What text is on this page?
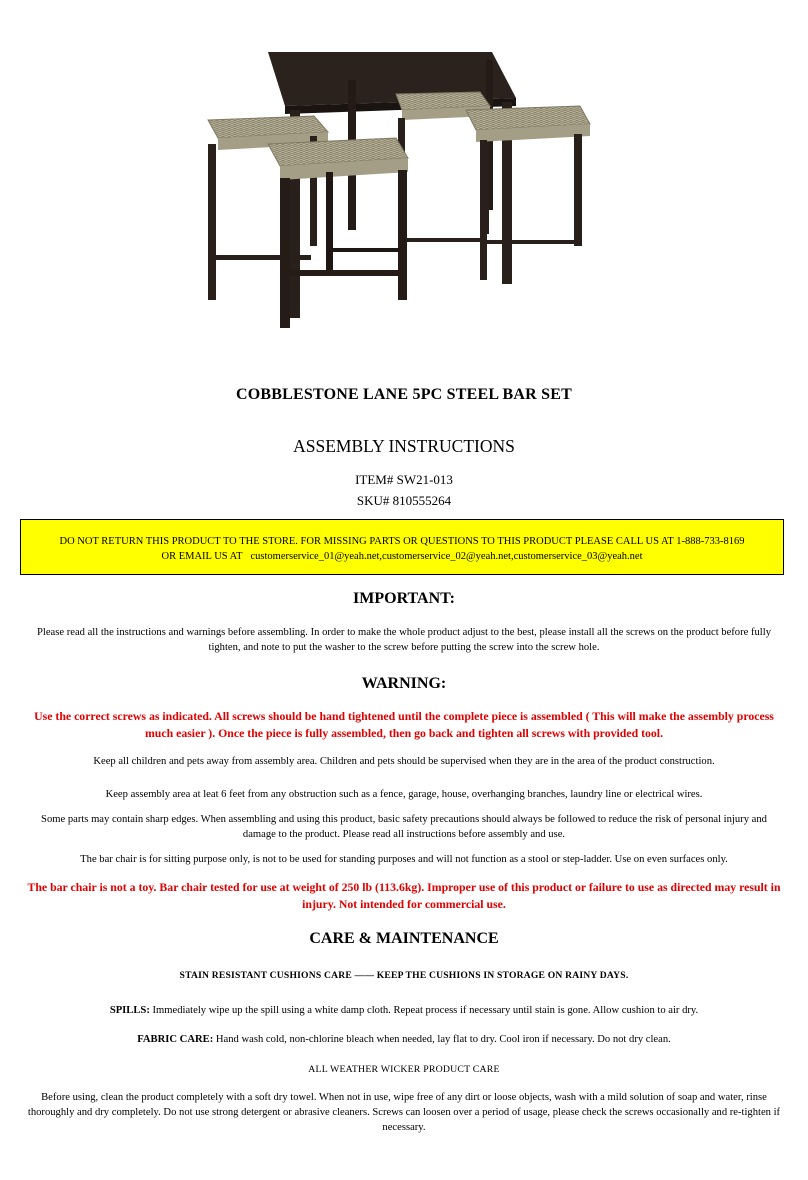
COBBLESTONE LANE 5PC STEEL BAR SET
ASSEMBLY INSTRUCTIONS
ITEM# SW21-013
SKU# 810555264
DO NOT RETURN THIS PRODUCT TO THE STORE. FOR MISSING PARTS OR QUESTIONS TO THIS PRODUCT PLEASE CALL US AT 1-888-733-8169
OR EMAIL US AT customerservice_01@yeah.net,customerservice_02@yeah.net,customerservice_03@yeah.net
IMPORTANT:
Please read all the instructions and warnings before assembling. In order to make the whole product adjust to the best, please install all the screws on the product before fully tighten, and note to put the washer to the screw before putting the screw into the screw hole.
WARNING:
Use the correct screws as indicated. All screws should be hand tightened until the complete piece is assembled ( This will make the assembly process much easier ). Once the piece is fully assembled, then go back and tighten all screws with provided tool.
Keep all children and pets away from assembly area. Children and pets should be supervised when they are in the area of the product construction.
Keep assembly area at leat 6 feet from any obstruction such as a fence, garage, house, overhanging branches, laundry line or electrical wires.
Some parts may contain sharp edges. When assembling and using this product, basic safety precautions should always be followed to reduce the risk of personal injury and damage to the product. Please read all instructions before assembly and use.
The bar chair is for sitting purpose only, is not to be used for standing purposes and will not function as a stool or step-ladder. Use on even surfaces only.
The bar chair is not a toy. Bar chair tested for use at weight of 250 lb (113.6kg). Improper use of this product or failure to use as directed may result in injury. Not intended for commercial use.
CARE & MAINTENANCE
STAIN RESISTANT CUSHIONS CARE —— KEEP THE CUSHIONS IN STORAGE ON RAINY DAYS.
SPILLS: Immediately wipe up the spill using a white damp cloth. Repeat process if necessary until stain is gone. Allow cushion to air dry.
FABRIC CARE: Hand wash cold, non-chlorine bleach when needed, lay flat to dry. Cool iron if necessary. Do not dry clean.
ALL WEATHER WICKER PRODUCT CARE
Before using, clean the product completely with a soft dry towel. When not in use, wipe free of any dirt or loose objects, wash with a mild solution of soap and water, rinse thoroughly and dry completely. Do not use strong detergent or abrasive cleaners. Screws can loosen over a period of usage, please check the screws occasionally and re-tighten if necessary.
